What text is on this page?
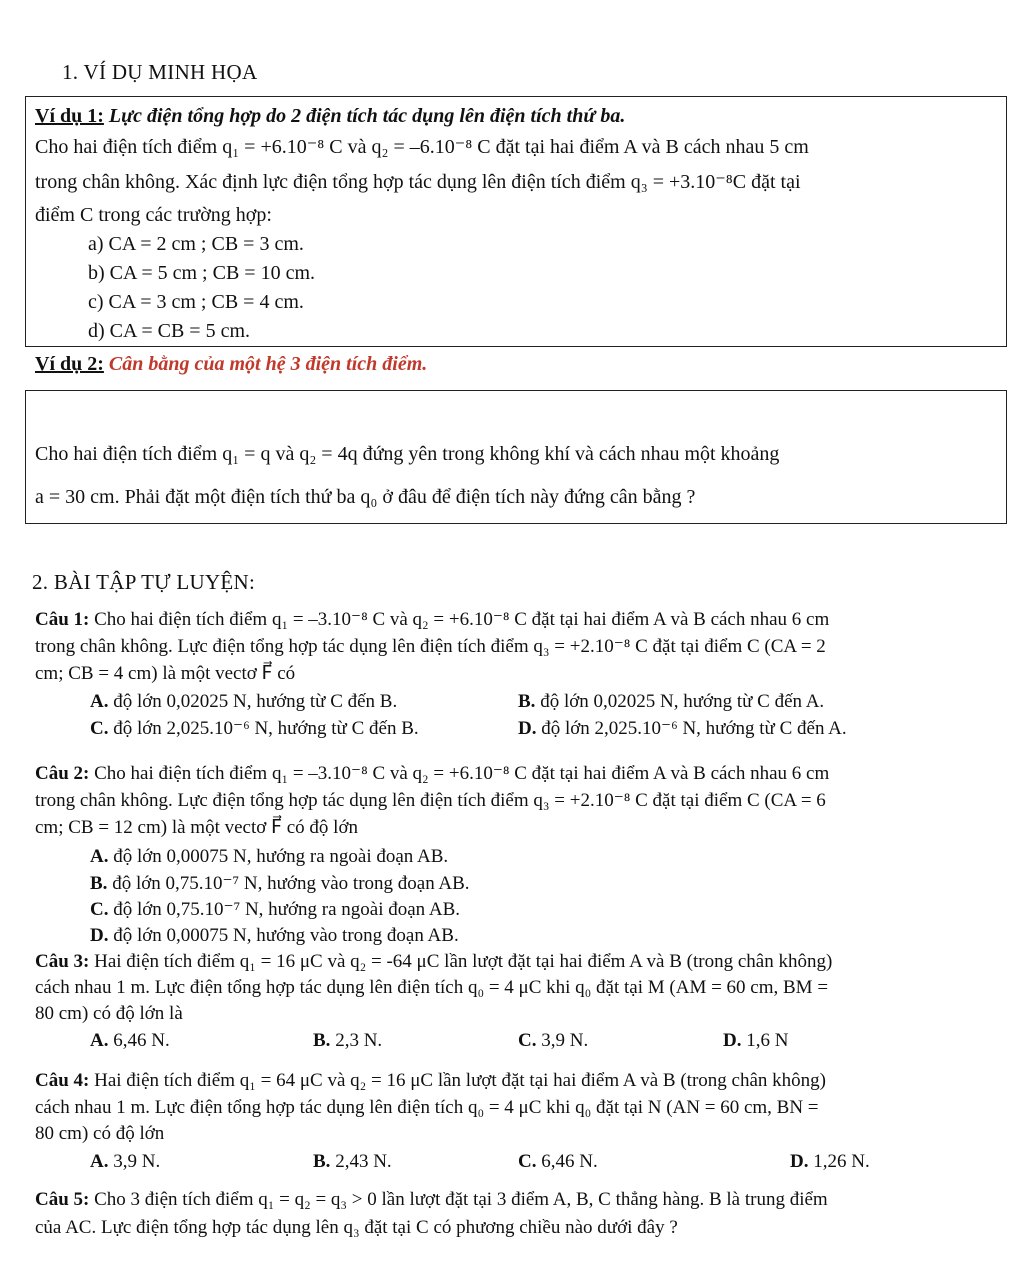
1. VÍ DỤ MINH HỌA
Ví dụ 1: Lực điện tổng hợp do 2 điện tích tác dụng lên điện tích thứ ba.
Cho hai điện tích điểm q₁ = +6.10⁻⁸ C và q₂ = –6.10⁻⁸ C đặt tại hai điểm A và B cách nhau 5 cm
trong chân không. Xác định lực điện tổng hợp tác dụng lên điện tích điểm q₃ = +3.10⁻⁸C đặt tại
điểm C trong các trường hợp:
a) CA = 2 cm ; CB = 3 cm.
b) CA = 5 cm ; CB = 10 cm.
c) CA = 3 cm ; CB = 4 cm.
d) CA = CB = 5 cm.
Ví dụ 2: Cân bằng của một hệ 3 điện tích điểm.
Cho hai điện tích điểm q₁ = q và q₂ = 4q đứng yên trong không khí và cách nhau một khoảng
a = 30 cm. Phải đặt một điện tích thứ ba q₀ ở đâu để điện tích này đứng cân bằng ?
2. BÀI TẬP TỰ LUYỆN:
Câu 1: Cho hai điện tích điểm q₁ = –3.10⁻⁸ C và q₂ = +6.10⁻⁸ C đặt tại hai điểm A và B cách nhau 6 cm
trong chân không. Lực điện tổng hợp tác dụng lên điện tích điểm q₃ = +2.10⁻⁸ C đặt tại điểm C (CA = 2
cm; CB = 4 cm) là một vectơ F⃗ có
A. độ lớn 0,02025 N, hướng từ C đến B.	B. độ lớn 0,02025 N, hướng từ C đến A.
C. độ lớn 2,025.10⁻⁶ N, hướng từ C đến B.	D. độ lớn 2,025.10⁻⁶ N, hướng từ C đến A.
Câu 2: Cho hai điện tích điểm q₁ = –3.10⁻⁸ C và q₂ = +6.10⁻⁸ C đặt tại hai điểm A và B cách nhau 6 cm
trong chân không. Lực điện tổng hợp tác dụng lên điện tích điểm q₃ = +2.10⁻⁸ C đặt tại điểm C (CA = 6
cm; CB = 12 cm) là một vectơ F⃗ có độ lớn
A. độ lớn 0,00075 N, hướng ra ngoài đoạn AB.
B. độ lớn 0,75.10⁻⁷ N, hướng vào trong đoạn AB.
C. độ lớn 0,75.10⁻⁷ N, hướng ra ngoài đoạn AB.
D. độ lớn 0,00075 N, hướng vào trong đoạn AB.
Câu 3: Hai điện tích điểm q₁ = 16 μC và q₂ = -64 μC lần lượt đặt tại hai điểm A và B (trong chân không)
cách nhau 1 m. Lực điện tổng hợp tác dụng lên điện tích q₀ = 4 μC khi q₀ đặt tại M (AM = 60 cm, BM =
80 cm) có độ lớn là
A. 6,46 N.	B. 2,3 N.	C. 3,9 N.	D. 1,6 N
Câu 4: Hai điện tích điểm q₁ = 64 μC và q₂ = 16 μC lần lượt đặt tại hai điểm A và B (trong chân không)
cách nhau 1 m. Lực điện tổng hợp tác dụng lên điện tích q₀ = 4 μC khi q₀ đặt tại N (AN = 60 cm, BN =
80 cm) có độ lớn
A. 3,9 N.	B. 2,43 N.	C. 6,46 N.	D. 1,26 N.
Câu 5: Cho 3 điện tích điểm q₁ = q₂ = q₃ > 0 lần lượt đặt tại 3 điểm A, B, C thẳng hàng. B là trung điểm
của AC. Lực điện tổng hợp tác dụng lên q₃ đặt tại C có phương chiều nào dưới đây ?
